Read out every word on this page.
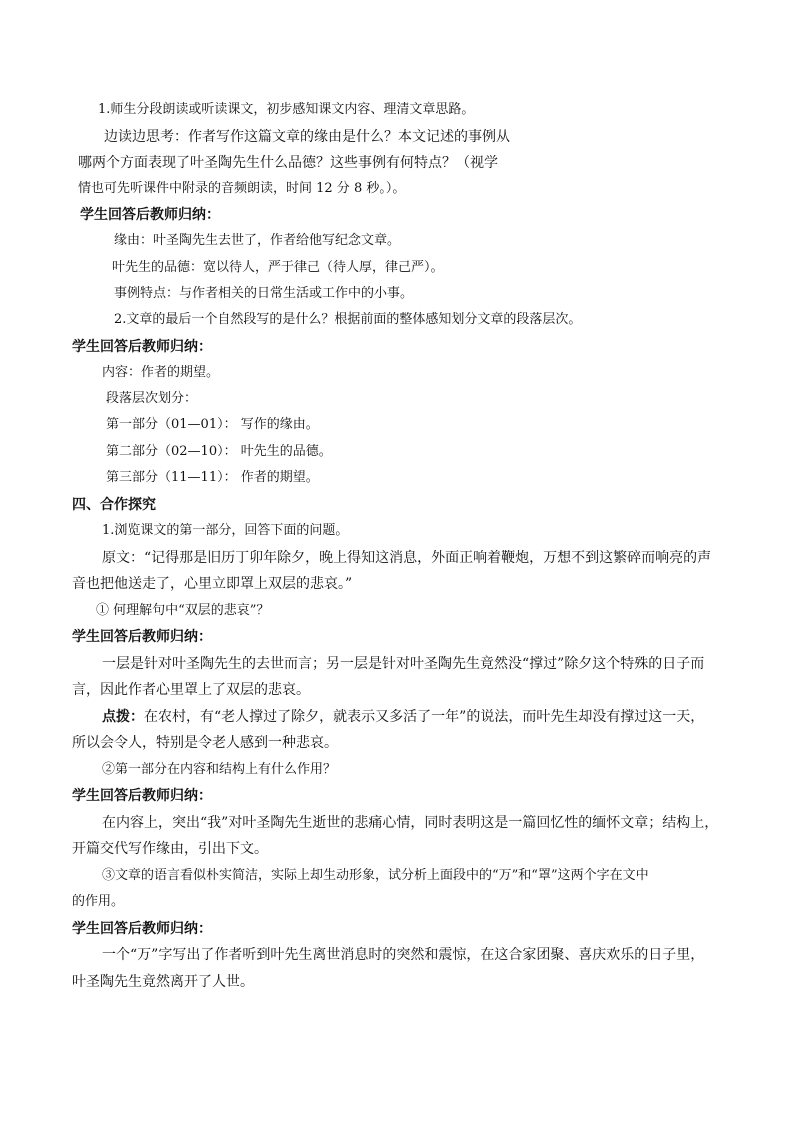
1.师生分段朗读或听读课文，初步感知课文内容、理清文章思路。
边读边思考：作者写作这篇文章的缘由是什么？本文记述的事例从
哪两个方面表现了叶圣陶先生什么品德？这些事例有何特点？（视学
情也可先听课件中附录的音频朗读，时间 12 分 8 秒。）。
学生回答后教师归纳：
缘由：叶圣陶先生去世了，作者给他写纪念文章。
叶先生的品德：宽以待人，严于律己（待人厚，律己严）。
事例特点：与作者相关的日常生活或工作中的小事。
2.文章的最后一个自然段写的是什么？根据前面的整体感知划分文章的段落层次。
学生回答后教师归纳：
内容：作者的期望。
段落层次划分：
第一部分（01—01）： 写作的缘由。
第二部分（02—10）： 叶先生的品德。
第三部分（11—11）： 作者的期望。
四、合作探究
1.浏览课文的第一部分，回答下面的问题。
原文：“记得那是旧历丁卯年除夕，晚上得知这消息，外面正响着鞭炮，万想不到这繁碎而响亮的声
音也把他送走了，心里立即罩上双层的悲哀。”
① 何理解句中“双层的悲哀”？
学生回答后教师归纳：
一层是针对叶圣陶先生的去世而言；另一层是针对叶圣陶先生竟然没“撑过”除夕这个特殊的日子而
言，因此作者心里罩上了双层的悲哀。
点拨：在农村，有“老人撑过了除夕，就表示又多活了一年”的说法，而叶先生却没有撑过这一天，
所以会令人，特别是令老人感到一种悲哀。
②第一部分在内容和结构上有什么作用？
学生回答后教师归纳：
在内容上，突出“我”对叶圣陶先生逝世的悲痛心情，同时表明这是一篇回忆性的缅怀文章；结构上，
开篇交代写作缘由，引出下文。
③文章的语言看似朴实简洁，实际上却生动形象，试分析上面段中的“万”和“罩”这两个字在文中
的作用。
学生回答后教师归纳：
一个“万”字写出了作者听到叶先生离世消息时的突然和震惊，在这合家团聚、喜庆欢乐的日子里，
叶圣陶先生竟然离开了人世。
